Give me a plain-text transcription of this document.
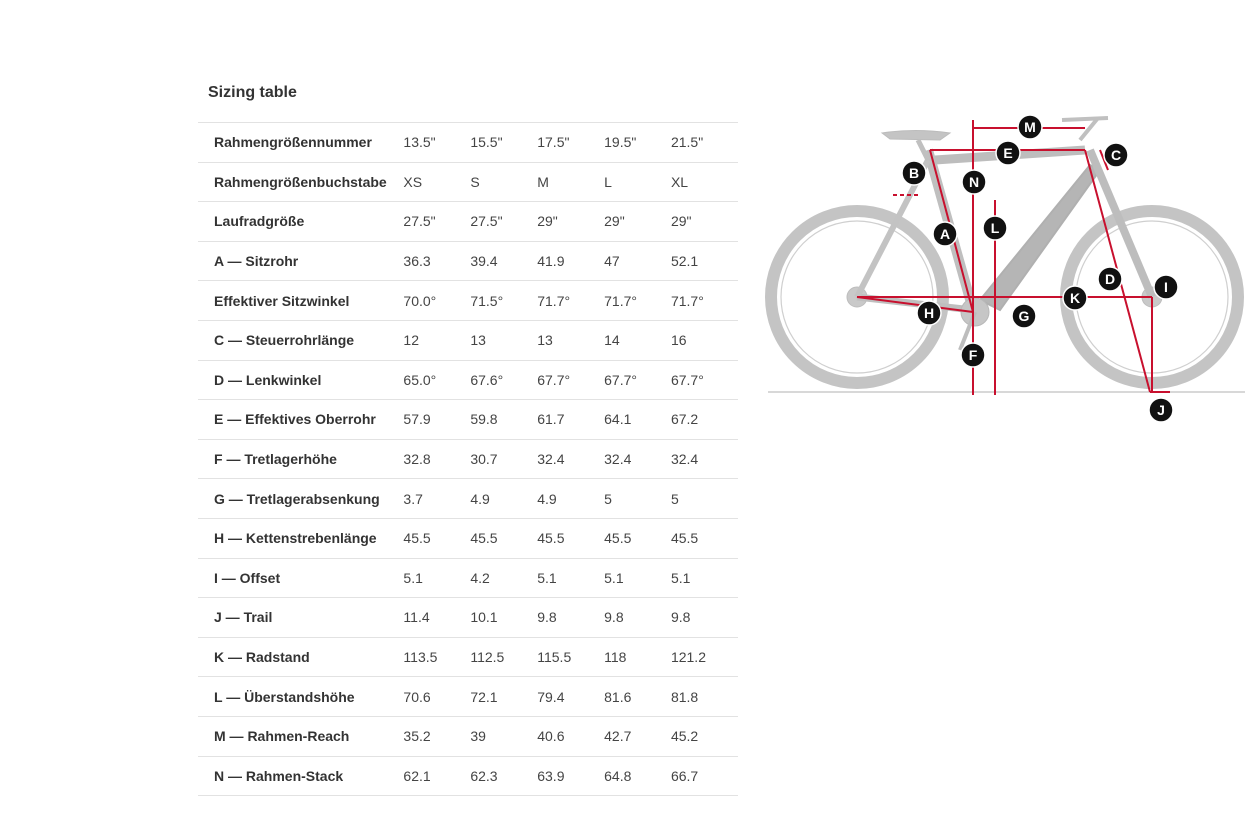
Sizing table
Rahmengrößennummer	13.5"	15.5"	17.5"	19.5"	21.5"
Rahmengrößenbuchstabe	XS	S	M	L	XL
Laufradgröße	27.5"	27.5"	29"	29"	29"
A — Sitzrohr	36.3	39.4	41.9	47	52.1
Effektiver Sitzwinkel	70.0°	71.5°	71.7°	71.7°	71.7°
C — Steuerrohrlänge	12	13	13	14	16
D — Lenkwinkel	65.0°	67.6°	67.7°	67.7°	67.7°
E — Effektives Oberrohr	57.9	59.8	61.7	64.1	67.2
F — Tretlagerhöhe	32.8	30.7	32.4	32.4	32.4
G — Tretlagerabsenkung	3.7	4.9	4.9	5	5
H — Kettenstrebenlänge	45.5	45.5	45.5	45.5	45.5
I — Offset	5.1	4.2	5.1	5.1	5.1
J — Trail	11.4	10.1	9.8	9.8	9.8
K — Radstand	113.5	112.5	115.5	118	121.2
L — Überstandshöhe	70.6	72.1	79.4	81.6	81.8
M — Rahmen-Reach	35.2	39	40.6	42.7	45.2
N — Rahmen-Stack	62.1	62.3	63.9	64.8	66.7
M
E	C
B
N
L
A
D	I
K
H	G
F
J
